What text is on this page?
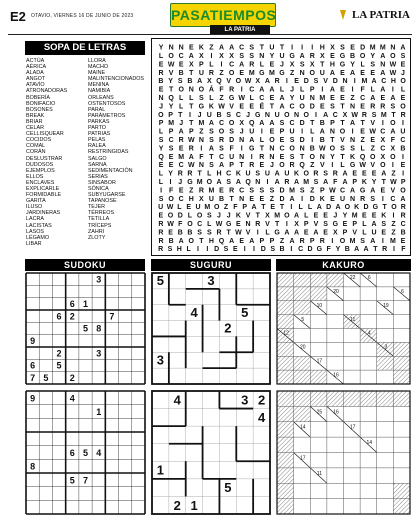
E2 OTAVIO, VIERNES 16 DE JUNIO DE 2023	PASATIEMPOS
LA PATRIA
LA PATRIA
SOPA DE LETRAS
ACTÚA
AÉRICA
ALADA
ANGOT
ATAVÍO
ATRONADORAS
BOBERÍA
BONIFACIO
BOSONES
BREAK
BRIAR
CELAR
CELLISQUEAR
COCIDOS
COMAL
CORÁN
DESLUSTRAR
DUDOSOS
EJEMPLOS
ELLOS
ENCLAVES
EXPLICARLE
FORMIDABLE
GARITA
ILUSO
JARDINERAS
LACRA
LACISTAS
LASOS
LÉGAMO
LIBAR
LLORA
MACHO
MAINE
MALINTENCIONADOS
MENINA
NAMIBIA
ORLEANS
OSTENTOSOS
PARAL
PARÁMETROS
PARKAS
PARTO
PATRIAS
PELAS
RALEA
RESTRINGIDAS
SALGO
SARNA
SEDIMENTACIÓN
SERIAS
SINSABOR
SÓNICA
SUBYUGARSE
TAPANOSE
TEJER
TÉRREOS
TETILLA
TRÍCEPS
ZAHRI
ZLOTY
Y N N E K Z A A C S T U T I I I H X S E D M M N A
L O C A X I X X S S N Y U G A R X E G B O Y A O S
E W E X P L I C A R L E J X S X T H G Y L S N W E
R V B T U R Z O E M G M G Z N O U A E A E E A W J
B Y S B A X Q V O W X A R I E D S V D N I M A C H O
E T O N O Á F R I C A A L J L P I A E I F L A I L
N Q L L S L Z G W L C E A Y U N M E E Z C A E A E
J Y L T G K W V E E É T A C O D E S T N E R R S O
O P T I J U B S C J G N U O N O I A C X W R S M T R
P M J T M A C O X Q A A S C D T B P T A T V I O I
L P A P Z S O S J U I E P U I L A N O I E W C A U
S C R W N S R D N A L O E S D I B T V N Z E X F C
Y S E R I A S F I G T N C O N B W O S S L Z C X B
Q E M A F T C U N I R N E S T O N Y T K Q O X O I
E E C W N S A P T R E J O R Q Z V I L G W V O I E
L Y R R T L H C K U S U A U K O R S R A E E E A Z I
L I J G M O A S A Q N I A R A M S A F A P K Y T W P
I F E Z R M E R C S S S D M S Z P W C A G A E V O
S O C H X U B T N E E Z D A I D K E U N R S I C A
U W L E U M O Z F P A T E T I L L A D A O K D G T O R
E O D L O S J J K V T X M O A L E E J Y M E E K I R
R W F O C L W G E N R V T I X P V S G E P L A S Z C
R E B B S S R T W V I L G A A E A E X P V L U E Z B
R B A O T H Q A E A P P Z A R P R I O M S A I M E
R S H L I I D S E I I D S B I C D G F Y B A A T R I F
SUDOKU	SUGURU	KAKURO
3
6 1
6 2	7
5 8
9
2	3
6 5
7 5 2
9	4
1
6 5 4
8
5 7
5	3
4	5
2
3
4	3 2
4
1
5
2 1
22 6
20	6
10	19
5	11
12	4
20
17
3
16
25 16
14	17
17
14
11
